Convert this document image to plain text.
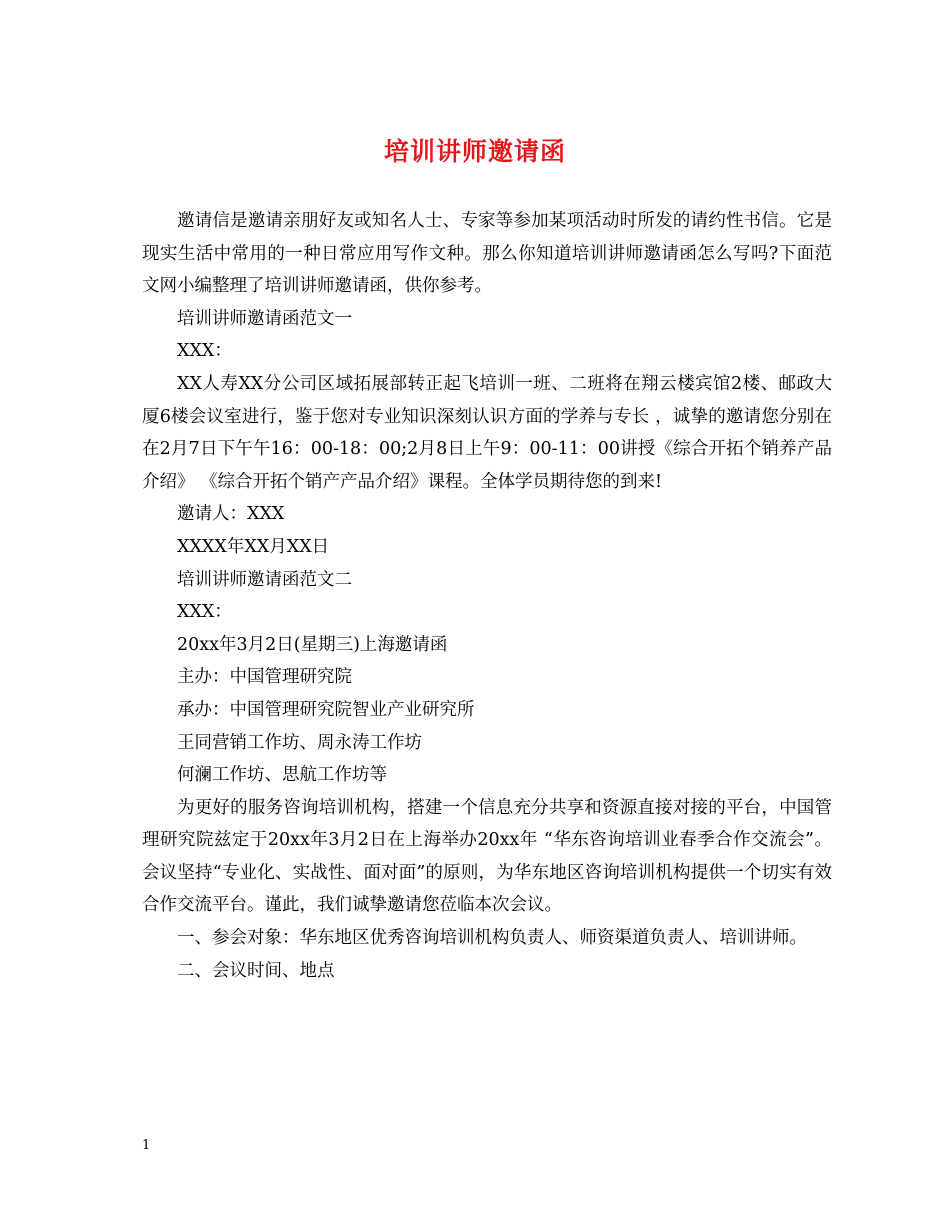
培训讲师邀请函

邀请信是邀请亲朋好友或知名人士、专家等参加某项活动时所发的请约性书信。它是现实生活中常用的一种日常应用写作文种。那么你知道培训讲师邀请函怎么写吗?下面范文网小编整理了培训讲师邀请函，供你参考。

培训讲师邀请函范文一

XXX：

XX人寿XX分公司区域拓展部转正起飞培训一班、二班将在翔云楼宾馆2楼、邮政大厦6楼会议室进行，鉴于您对专业知识深刻认识方面的学养与专长 ，诚挚的邀请您分别在在2月7日下午午16：00-18：00;2月8日上午9：00-11：00讲授《综合开拓个销养产品介绍》 《综合开拓个销产产品介绍》课程。全体学员期待您的到来!

邀请人：XXX

XXXX年XX月XX日

培训讲师邀请函范文二

XXX：

20xx年3月2日(星期三)上海邀请函

主办：中国管理研究院

承办：中国管理研究院智业产业研究所

王同营销工作坊、周永涛工作坊

何澜工作坊、思航工作坊等

为更好的服务咨询培训机构，搭建一个信息充分共享和资源直接对接的平台，中国管理研究院兹定于20xx年3月2日在上海举办20xx年 “华东咨询培训业春季合作交流会”。 会议坚持“专业化、实战性、面对面”的原则，为华东地区咨询培训机构提供一个切实有效合作交流平台。谨此，我们诚挚邀请您莅临本次会议。

一、参会对象：华东地区优秀咨询培训机构负责人、师资渠道负责人、培训讲师。

二、会议时间、地点

1
